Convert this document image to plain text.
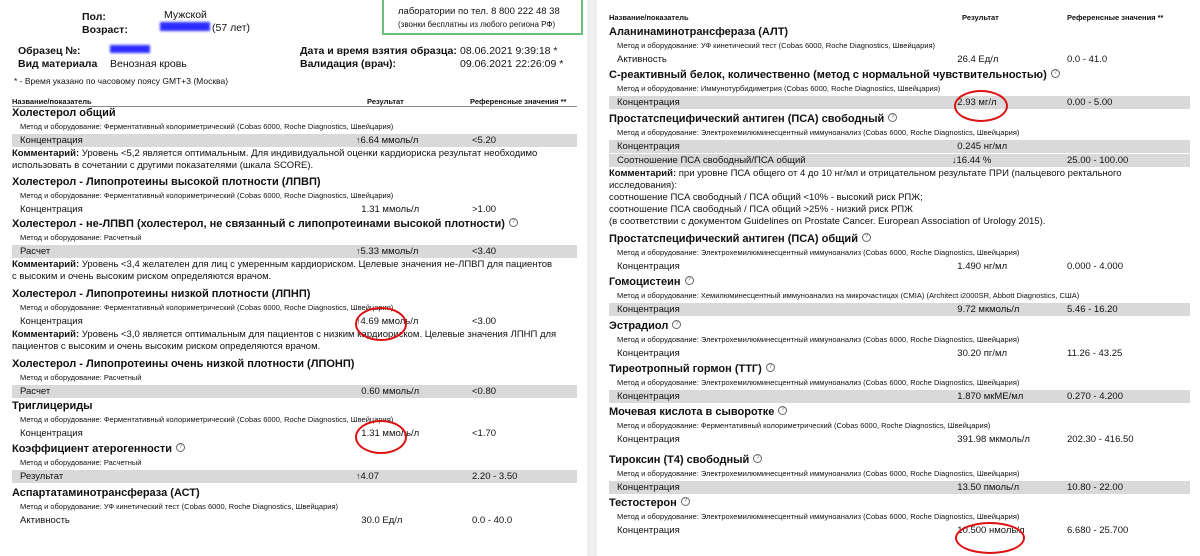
лаборатории по тел. 8 800 222 48 38
(звонки бесплатны из любого региона РФ)
Пол:	Мужской
Возраст:	(57 лет)
Образец №:
Вид материала Венозная кровь
Дата и время взятия образца: 08.06.2021 9:39:18 *
Валидация (врач):	09.06.2021 22:26:09 *
* - Время указано по часовому поясу GMT+3 (Москва)
Название/показатель	Результат	Референсные значения **
Холестерол общий
Метод и оборудование: Ферментативный колориметрический (Cobas 6000, Roche Diagnostics, Швейцария)
Концентрация	↑6.64 ммоль/л	<5.20
Комментарий: Уровень <5,2 является оптимальным. Для индивидуальной оценки кардиориска результат необходимо
использовать в сочетании с другими показателями (шкала SCORE).
Холестерол - Липопротеины высокой плотности (ЛПВП)
Метод и оборудование: Ферментативный колориметрический (Cobas 6000, Roche Diagnostics, Швейцария)
Концентрация	1.31 ммоль/л	>1.00
Холестерол - не-ЛПВП (холестерол, не связанный с липопротеинами высокой плотности) ?
Метод и оборудование: Расчетный
Расчет	↑5.33 ммоль/л	<3.40
Комментарий: Уровень <3,4 желателен для лиц с умеренным кардиориском. Целевые значения не-ЛПВП для пациентов
с высоким и очень высоким риском определяются врачом.
Холестерол - Липопротеины низкой плотности (ЛПНП)
Метод и оборудование: Ферментативный колориметрический (Cobas 6000, Roche Diagnostics, Швейцария)
Концентрация	↑4.69 ммоль/л	<3.00
Комментарий: Уровень <3,0 является оптимальным для пациентов с низким кардиориском. Целевые значения ЛПНП для
пациентов с высоким и очень высоким риском определяются врачом.
Холестерол - Липопротеины очень низкой плотности (ЛПОНП)
Метод и оборудование: Расчетный
Расчет	0.60 ммоль/л	<0.80
Триглицериды
Метод и оборудование: Ферментативный колориметрический (Cobas 6000, Roche Diagnostics, Швейцария)
Концентрация	1.31 ммоль/л	<1.70
Коэффициент атерогенности ?
Метод и оборудование: Расчетный
Результат	↑4.07	2.20 - 3.50
Аспартатаминотрансфераза (АСТ)
Метод и оборудование: УФ кинетический тест (Cobas 6000, Roche Diagnostics, Швейцария)
Активность	30.0 Ед/л	0.0 - 40.0
Название/показатель	Результат	Референсные значения **
Аланинаминотрансфераза (АЛТ)
Метод и оборудование: УФ кинетический тест (Cobas 6000, Roche Diagnostics, Швейцария)
Активность	26.4 Ед/л	0.0 - 41.0
С-реактивный белок, количественно (метод с нормальной чувствительностью) ?
Метод и оборудование: Иммунотурбидиметрия (Cobas 6000, Roche Diagnostics, Швейцария)
Концентрация	2.93 мг/л	0.00 - 5.00
Простатспецифический антиген (ПСА) свободный ?
Метод и оборудование: Электрохемилюминесцентный иммуноанализ (Cobas 6000, Roche Diagnostics, Швейцария)
Концентрация	0.245 нг/мл
Соотношение ПСА свободный/ПСА общий	↓16.44 %	25.00 - 100.00
Комментарий: при уровне ПСА общего от 4 до 10 нг/мл и отрицательном результате ПРИ (пальцевого ректального
исследования):
соотношение ПСА свободный / ПСА общий <10% - высокий риск РПЖ;
соотношение ПСА свободный / ПСА общий >25% - низкий риск РПЖ
(в соответствии с документом Guidelines on Prostate Cancer. European Association of Urology 2015).
Простатспецифический антиген (ПСА) общий ?
Метод и оборудование: Электрохемилюминесцентный иммуноанализ (Cobas 6000, Roche Diagnostics, Швейцария)
Концентрация	1.490 нг/мл	0.000 - 4.000
Гомоцистеин ?
Метод и оборудование: Хемилюминесцентный иммуноанализ на микрочастицах (CMIA) (Architect i2000SR, Abbott Diagnostics, США)
Концентрация	9.72 мкмоль/л	5.46 - 16.20
Эстрадиол ?
Метод и оборудование: Электрохемилюминесцентный иммуноанализ (Cobas 6000, Roche Diagnostics, Швейцария)
Концентрация	30.20 пг/мл	11.26 - 43.25
Тиреотропный гормон (ТТГ) ?
Метод и оборудование: Электрохемилюминесцентный иммуноанализ (Cobas 6000, Roche Diagnostics, Швейцария)
Концентрация	1.870 мкМЕ/мл	0.270 - 4.200
Мочевая кислота в сыворотке ?
Метод и оборудование: Ферментативный колориметрический (Cobas 6000, Roche Diagnostics, Швейцария)
Концентрация	391.98 мкмоль/л	202.30 - 416.50
Тироксин (Т4) свободный ?
Метод и оборудование: Электрохемилюминесцентный иммуноанализ (Cobas 6000, Roche Diagnostics, Швейцария)
Концентрация	13.50 пмоль/л	10.80 - 22.00
Тестостерон ?
Метод и оборудование: Электрохемилюминесцентный иммуноанализ (Cobas 6000, Roche Diagnostics, Швейцария)
Концентрация	10.500 нмоль/л	6.680 - 25.700
